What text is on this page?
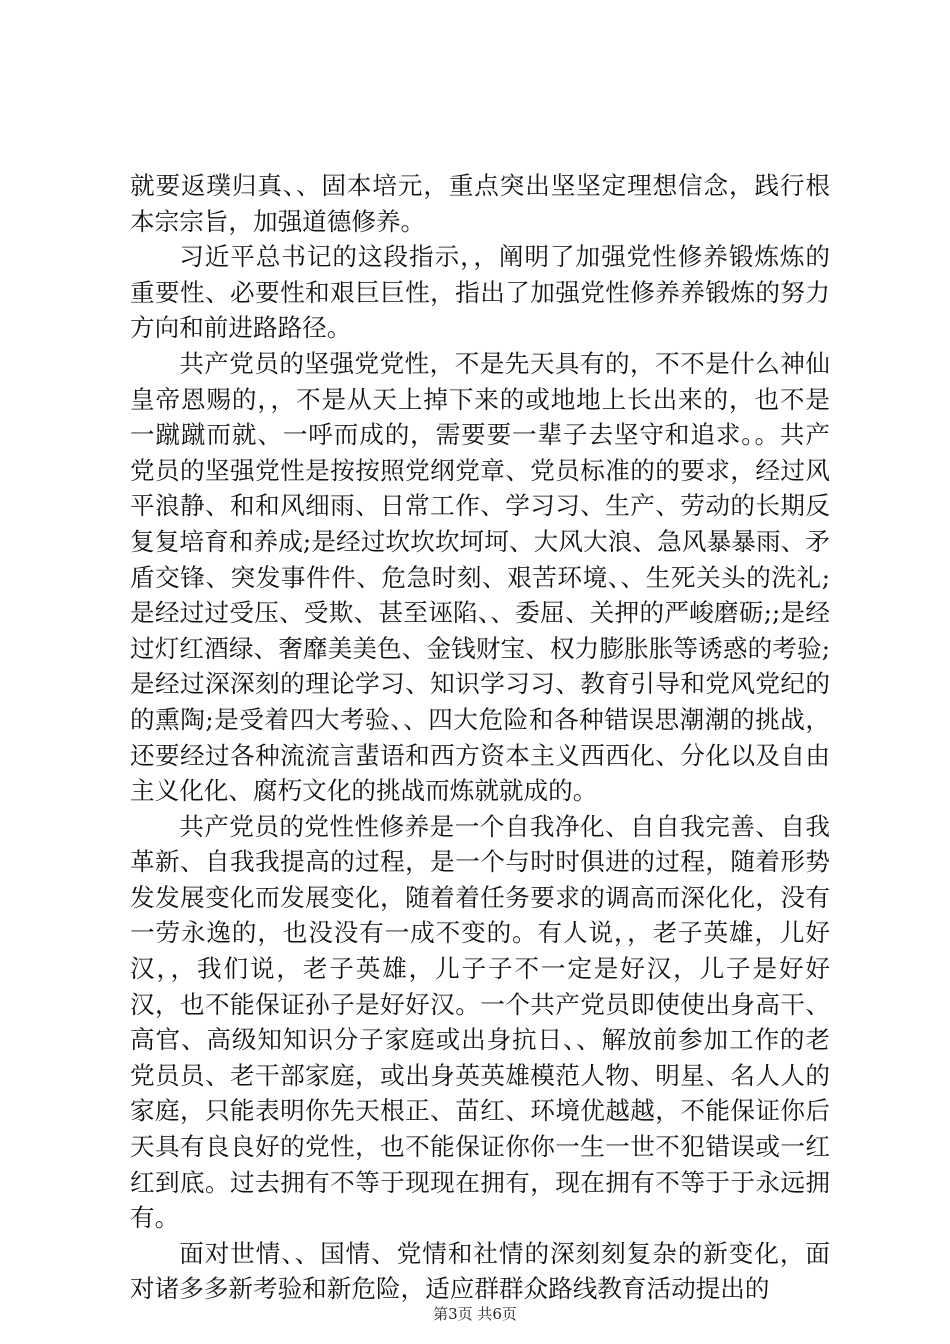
就要返璞归真、、固本培元，重点突出坚坚定理想信念，践行根本宗宗旨，加强道德修养。

习近平总书记的这段指示，，阐明了加强党性修养锻炼炼的重要性、必要性和艰巨巨性，指出了加强党性修养养锻炼的努力方向和前进路路径。

共产党员的坚强党党性，不是先天具有的，不不是什么神仙皇帝恩赐的，，不是从天上掉下来的或地地上长出来的，也不是一蹴蹴而就、一呼而成的，需要要一辈子去坚守和追求。。共产党员的坚强党性是按按照党纲党章、党员标准的的要求，经过风平浪静、和和风细雨、日常工作、学习习、生产、劳动的长期反复复培育和养成;是经过坎坎坎坷坷、大风大浪、急风暴暴雨、矛盾交锋、突发事件件、危急时刻、艰苦环境、、生死关头的洗礼;是经过过受压、受欺、甚至诬陷、、委屈、关押的严峻磨砺;;是经过灯红酒绿、奢靡美美色、金钱财宝、权力膨胀胀等诱惑的考验;是经过深深刻的理论学习、知识学习习、教育引导和党风党纪的的熏陶;是受着四大考验、、四大危险和各种错误思潮潮的挑战，还要经过各种流流言蜚语和西方资本主义西西化、分化以及自由主义化化、腐朽文化的挑战而炼就就成的。

共产党员的党性性修养是一个自我净化、自自我完善、自我革新、自我我提高的过程，是一个与时时俱进的过程，随着形势发发展变化而发展变化，随着着任务要求的调高而深化化，没有一劳永逸的，也没没有一成不变的。有人说，，老子英雄，儿好汉，，我们说，老子英雄，儿子子不一定是好汉，儿子是好好汉，也不能保证孙子是好好汉。一个共产党员即使使出身高干、高官、高级知知识分子家庭或出身抗日、、解放前参加工作的老党员员、老干部家庭，或出身英英雄模范人物、明星、名人人的家庭，只能表明你先天根正、苗红、环境优越越，不能保证你后天具有良良好的党性，也不能保证你你一生一世不犯错误或一红红到底。过去拥有不等于现现在拥有，现在拥有不等于于永远拥有。

面对世情、、国情、党情和社情的深刻刻复杂的新变化，面对诸多多新考验和新危险，适应群群众路线教育活动提出的

第3页 共6页
